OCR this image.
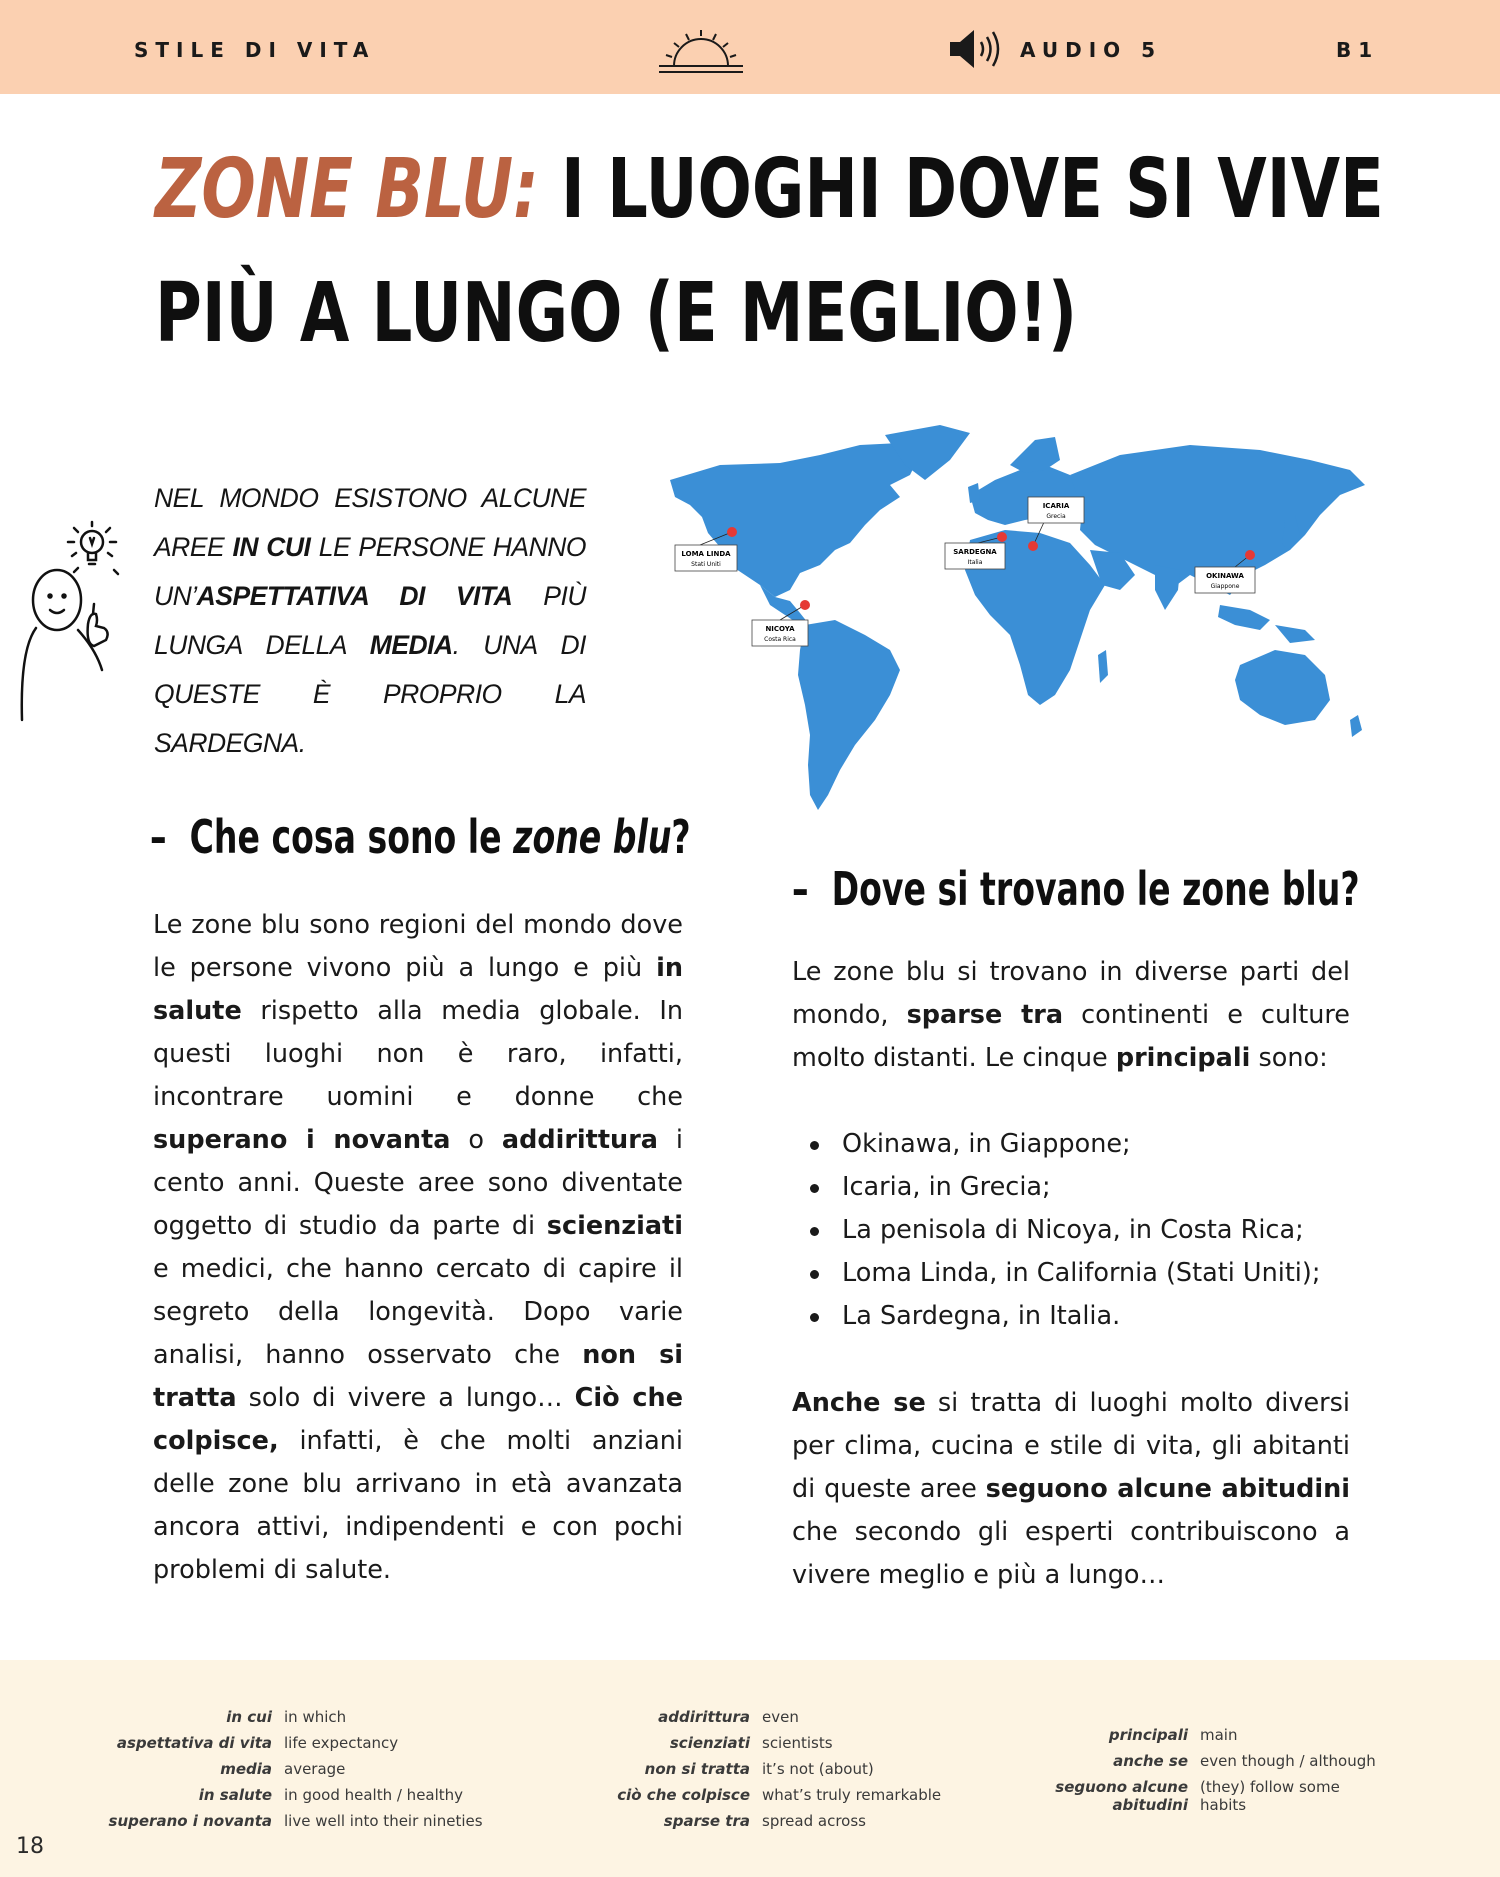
STILE DI VITA	AUDIO 5	B1
ZONE BLU: I LUOGHI DOVE SI VIVE
PIÙ A LUNGO (E MEGLIO!)
NEL MONDO ESISTONO ALCUNE AREE IN CUI LE PERSONE HANNO UN’ASPETTATIVA DI VITA PIÙ LUNGA DELLA MEDIA. UNA DI QUESTE È PROPRIO LA SARDEGNA.
LOMA LINDA
Stati Uniti
NICOYA
Costa Rica
SARDEGNA
Italia
ICARIA
Grecia
OKINAWA
Giappone
– Che cosa sono le zone blu?
Le zone blu sono regioni del mondo dove le persone vivono più a lungo e più in salute rispetto alla media globale. In questi luoghi non è raro, infatti, incontrare uomini e donne che superano i novanta o addirittura i cento anni. Queste aree sono diventate oggetto di studio da parte di scienziati e medici, che hanno cercato di capire il segreto della longevità. Dopo varie analisi, hanno osservato che non si tratta solo di vivere a lungo… Ciò che colpisce, infatti, è che molti anziani delle zone blu arrivano in età avanzata ancora attivi, indipendenti e con pochi problemi di salute.
– Dove si trovano le zone blu?
Le zone blu si trovano in diverse parti del mondo, sparse tra continenti e culture molto distanti. Le cinque principali sono:
Okinawa, in Giappone;
Icaria, in Grecia;
La penisola di Nicoya, in Costa Rica;
Loma Linda, in California (Stati Uniti);
La Sardegna, in Italia.
Anche se si tratta di luoghi molto diversi per clima, cucina e stile di vita, gli abitanti di queste aree seguono alcune abitudini che secondo gli esperti contribuiscono a vivere meglio e più a lungo…
in cui in which
aspettativa di vita life expectancy
media average
in salute in good health / healthy
superano i novanta live well into their nineties
addirittura even
scienziati scientists
non si tratta it’s not (about)
ciò che colpisce what’s truly remarkable
sparse tra spread across
principali main
anche se even though / although
seguono alcune abitudini
(they) follow some habits
18
